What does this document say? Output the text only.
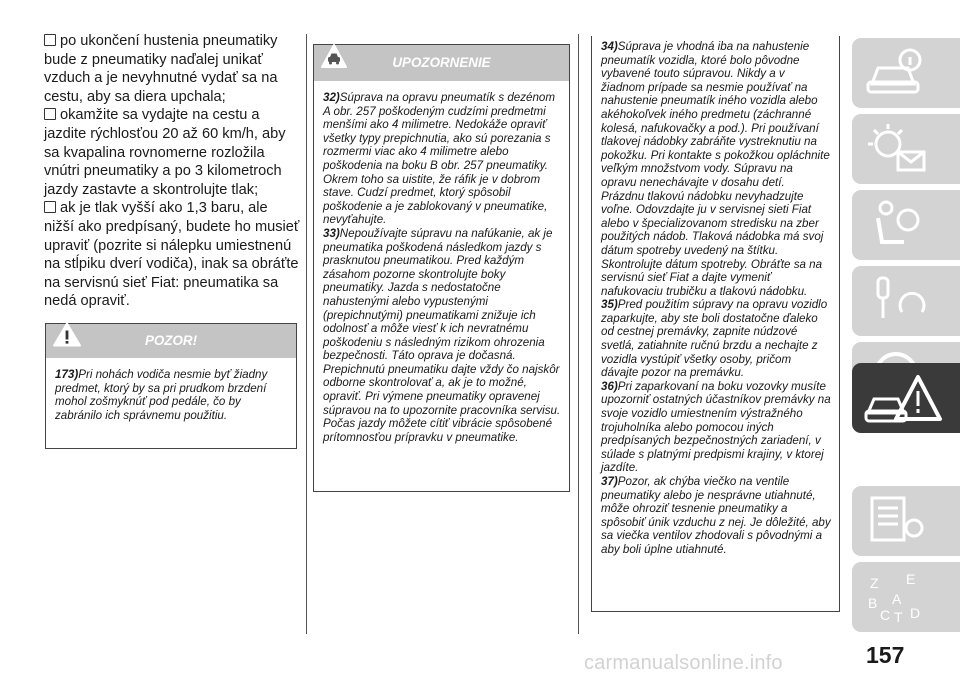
po ukončení hustenia pneumatiky bude z pneumatiky naďalej unikať vzduch a je nevyhnutné vydať sa na cestu, aby sa diera upchala;

okamžite sa vydajte na cestu a jazdite rýchlosťou 20 až 60 km/h, aby sa kvapalina rovnomerne rozložila vnútri pneumatiky a po 3 kilometroch jazdy zastavte a skontrolujte tlak;

ak je tlak vyšší ako 1,3 baru, ale nižší ako predpísaný, budete ho musieť upraviť (pozrite si nálepku umiestnenú na stĺpiku dverí vodiča), inak sa obráťte na servisnú sieť Fiat: pneumatika sa nedá opraviť.

POZOR!

173)Pri nohách vodiča nesmie byť žiadny predmet, ktorý by sa pri prudkom brzdení mohol zošmyknúť pod pedále, čo by zabránilo ich správnemu použitiu.

UPOZORNENIE

32)Súprava na opravu pneumatík s dezénom A obr. 257 poškodeným cudzími predmetmi menšími ako 4 milimetre. Nedokáže opraviť všetky typy prepichnutia, ako sú porezania s rozmermi viac ako 4 milimetre alebo poškodenia na boku B obr. 257 pneumatiky. Okrem toho sa uistite, že ráfik je v dobrom stave. Cudzí predmet, ktorý spôsobil poškodenie a je zablokovaný v pneumatike, nevyťahujte.

33)Nepoužívajte súpravu na nafúkanie, ak je pneumatika poškodená následkom jazdy s prasknutou pneumatikou. Pred každým zásahom pozorne skontrolujte boky pneumatiky. Jazda s nedostatočne nahustenými alebo vypustenými (prepichnutými) pneumatikami znižuje ich odolnosť a môže viesť k ich nevratnému poškodeniu s následným rizikom ohrozenia bezpečnosti. Táto oprava je dočasná. Prepichnutú pneumatiku dajte vždy čo najskôr odborne skontrolovať a, ak je to možné, opraviť. Pri výmene pneumatiky opravenej súpravou na to upozornite pracovníka servisu. Počas jazdy môžete cítiť vibrácie spôsobené prítomnosťou prípravku v pneumatike.

34)Súprava je vhodná iba na nahustenie pneumatík vozidla, ktoré bolo pôvodne vybavené touto súpravou. Nikdy a v žiadnom prípade sa nesmie používať na nahustenie pneumatík iného vozidla alebo akéhokoľvek iného predmetu (záchranné kolesá, nafukovačky a pod.). Pri používaní tlakovej nádobky zabráňte vystreknutiu na pokožku. Pri kontakte s pokožkou opláchnite veľkým množstvom vody. Súpravu na opravu nenechávajte v dosahu detí. Prázdnu tlakovú nádobku nevyhadzujte voľne. Odovzdajte ju v servisnej sieti Fiat alebo v špecializovanom stredisku na zber použitých nádob. Tlaková nádobka má svoj dátum spotreby uvedený na štítku. Skontrolujte dátum spotreby. Obráťte sa na servisnú sieť Fiat a dajte vymeniť nafukovaciu trubičku a tlakovú nádobku.

35)Pred použitím súpravy na opravu vozidlo zaparkujte, aby ste boli dostatočne ďaleko od cestnej premávky, zapnite núdzové svetlá, zatiahnite ručnú brzdu a nechajte z vozidla vystúpiť všetky osoby, pričom dávajte pozor na premávku.

36)Pri zaparkovaní na boku vozovky musíte upozorniť ostatných účastníkov premávky na svoje vozidlo umiestnením výstražného trojuholníka alebo pomocou iných predpísaných bezpečnostných zariadení, v súlade s platnými predpismi krajiny, v ktorej jazdíte.

37)Pozor, ak chýba viečko na ventile pneumatiky alebo je nesprávne utiahnuté, môže ohroziť tesnenie pneumatiky a spôsobiť únik vzduchu z nej. Je dôležité, aby sa viečka ventilov zhodovali s pôvodnými a aby boli úplne utiahnuté.

Z E
B A
C T D
157
carmanualsonline.info
